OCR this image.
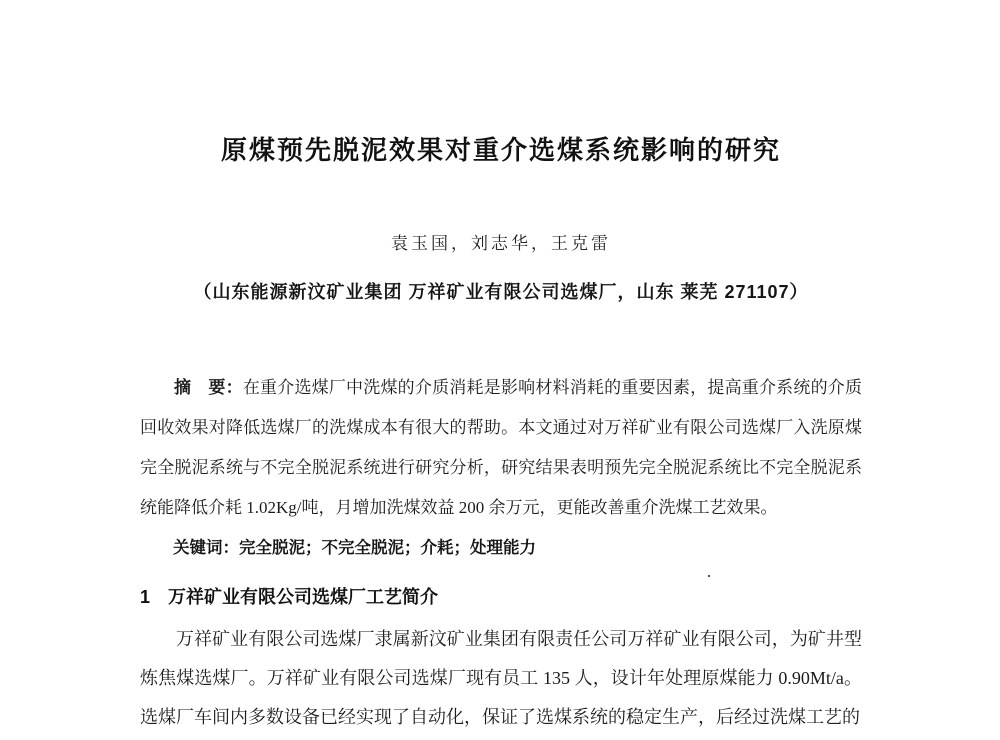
原煤预先脱泥效果对重介选煤系统影响的研究
袁玉国，刘志华，王克雷
（山东能源新汶矿业集团 万祥矿业有限公司选煤厂，山东 莱芜 271107）

摘　要：在重介选煤厂中洗煤的介质消耗是影响材料消耗的重要因素，提高重介系统的介质回收效果对降低选煤厂的洗煤成本有很大的帮助。本文通过对万祥矿业有限公司选煤厂入洗原煤完全脱泥系统与不完全脱泥系统进行研究分析，研究结果表明预先完全脱泥系统比不完全脱泥系统能降低介耗 1.02Kg/吨，月增加洗煤效益 200 余万元，更能改善重介洗煤工艺效果。

关键词：完全脱泥；不完全脱泥；介耗；处理能力

1　万祥矿业有限公司选煤厂工艺简介

万祥矿业有限公司选煤厂隶属新汶矿业集团有限责任公司万祥矿业有限公司，为矿井型炼焦煤选煤厂。万祥矿业有限公司选煤厂现有员工 135 人，设计年处理原煤能力 0.90Mt/a。选煤厂车间内多数设备已经实现了自动化，保证了选煤系统的稳定生产，后经过洗煤工艺的

·
